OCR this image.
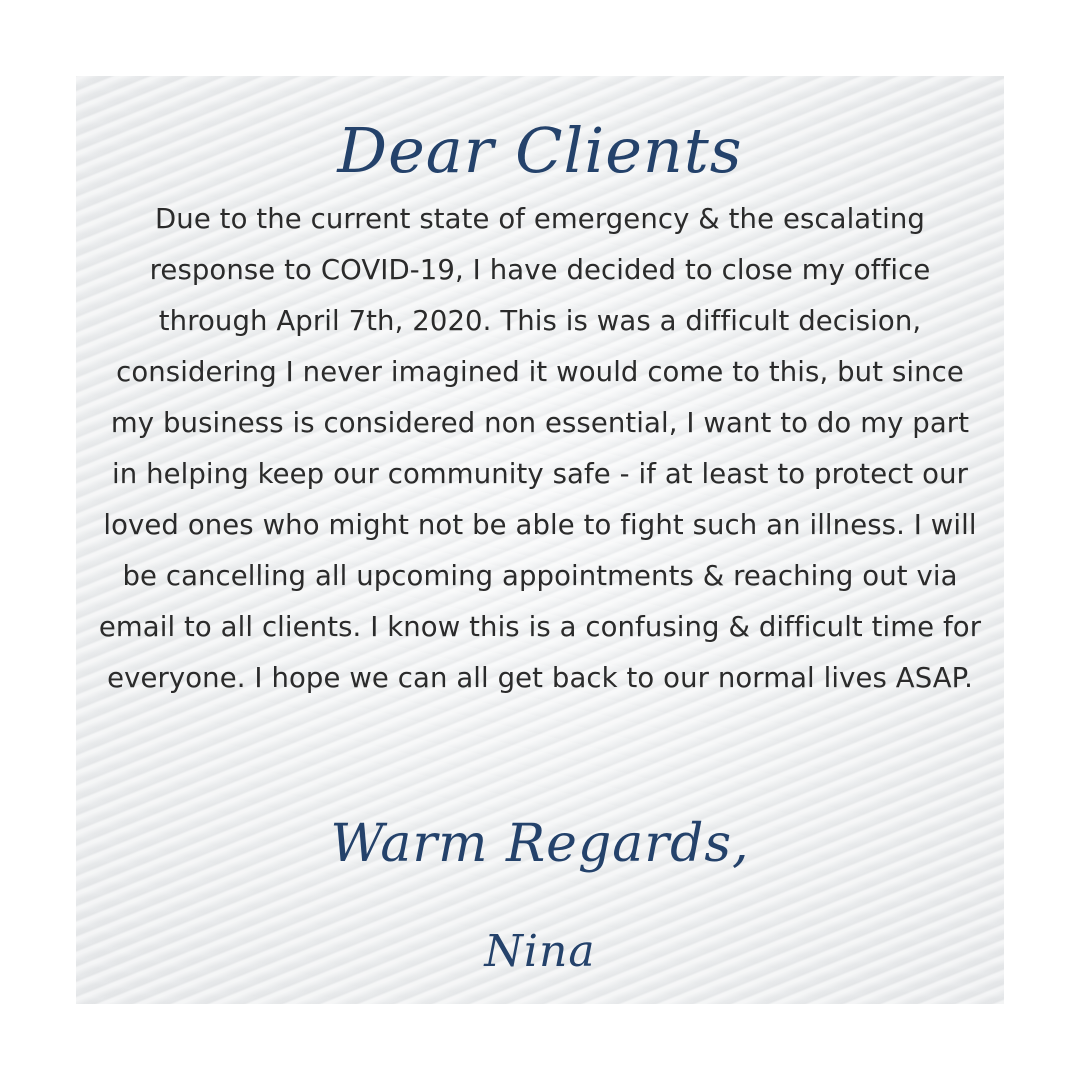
Dear Clients

Due to the current state of emergency & the escalating response to COVID-19, I have decided to close my office through April 7th, 2020. This is was a difficult decision, considering I never imagined it would come to this, but since my business is considered non essential, I want to do my part in helping keep our community safe - if at least to protect our loved ones who might not be able to fight such an illness. I will be cancelling all upcoming appointments & reaching out via email to all clients. I know this is a confusing & difficult time for everyone. I hope we can all get back to our normal lives ASAP.

Warm Regards,
Nina
